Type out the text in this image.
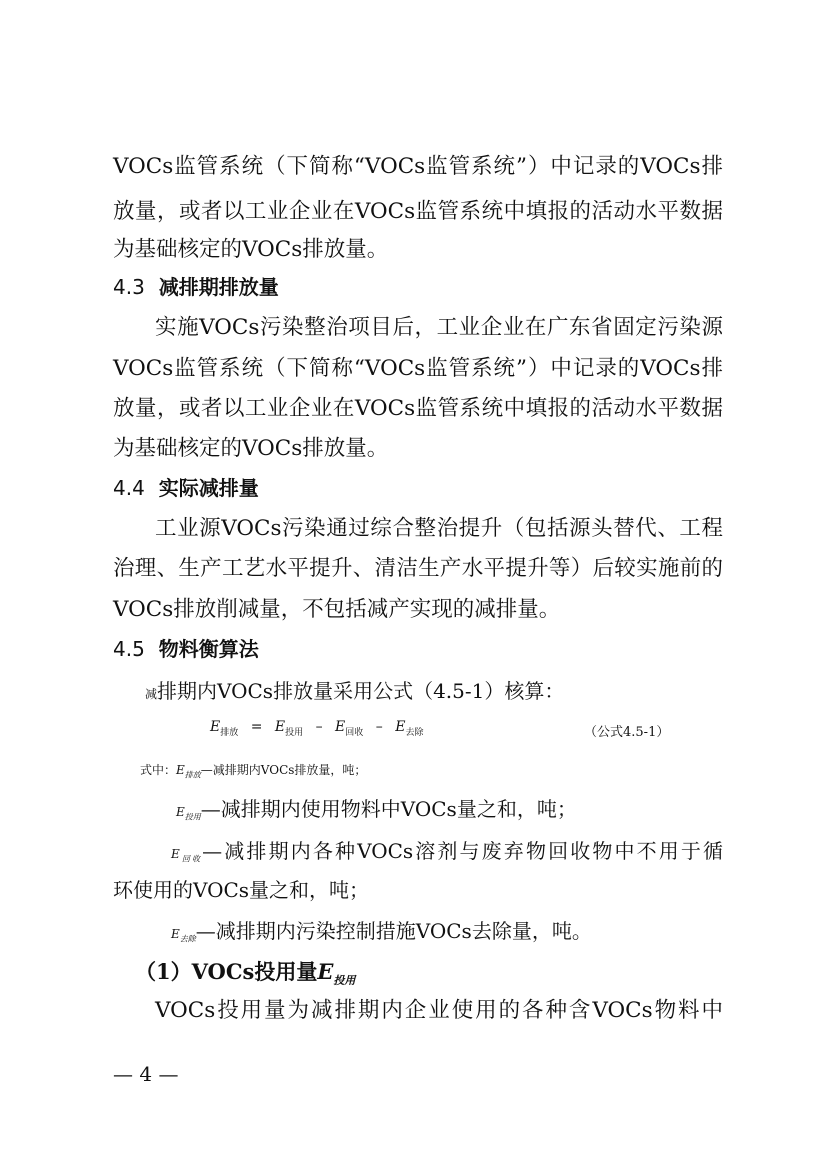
VOCs监管系统（下简称“VOCs监管系统”）中记录的VOCs排
放量，或者以工业企业在VOCs监管系统中填报的活动水平数据
为基础核定的VOCs排放量。
4.3 减排期排放量
实施VOCs污染整治项目后，工业企业在广东省固定污染源
VOCs监管系统（下简称“VOCs监管系统”）中记录的VOCs排
放量，或者以工业企业在VOCs监管系统中填报的活动水平数据
为基础核定的VOCs排放量。
4.4 实际减排量
工业源VOCs污染通过综合整治提升（包括源头替代、工程
治理、生产工艺水平提升、清洁生产水平提升等）后较实施前的
VOCs排放削减量，不包括减产实现的减排量。
4.5 物料衡算法
减排期内VOCs排放量采用公式（4.5-1）核算：
$E_{排放} = E_{投用} - E_{回收} - E_{去除}$	（公式4.5-1）
式中：$E_{排放}—$减排期内VOCs排放量，吨；
$E_{投用}—$减排期内使用物料中VOCs量之和，吨；
$E_{回收}—$减排期内各种VOCs溶剂与废弃物回收物中不用于循
环使用的VOCs量之和，吨；
$E_{去除}—$减排期内污染控制措施VOCs去除量，吨。
（1）VOCs投用量$E_{投用}$
VOCs投用量为减排期内企业使用的各种含VOCs物料中
— 4 —
